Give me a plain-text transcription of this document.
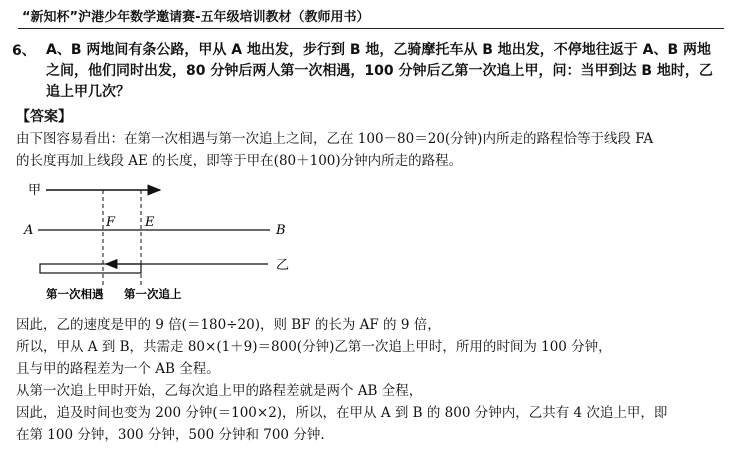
“新知杯”沪港少年数学邀请赛-五年级培训教材（教师用书）
6、 A、B 两地间有条公路，甲从 A 地出发，步行到 B 地，乙骑摩托车从 B 地出发，不停地往返于 A、B 两地之间，他们同时出发，80 分钟后两人第一次相遇，100 分钟后乙第一次追上甲，问：当甲到达 B 地时，乙追上甲几次？
【答案】
由下图容易看出：在第一次相遇与第一次追上之间，乙在 100－80＝20(分钟)内所走的路程恰等于线段 FA
的长度再加上线段 AE 的长度，即等于甲在(80＋100)分钟内所走的路程。
甲
F E
A	B
乙
第一次相遇 第一次追上
因此，乙的速度是甲的 9 倍(＝180÷20)，则 BF 的长为 AF 的 9 倍，
所以，甲从 A 到 B，共需走 80×(1＋9)＝800(分钟)乙第一次追上甲时，所用的时间为 100 分钟，
且与甲的路程差为一个 AB 全程。
从第一次追上甲时开始，乙每次追上甲的路程差就是两个 AB 全程，
因此，追及时间也变为 200 分钟(＝100×2)，所以，在甲从 A 到 B 的 800 分钟内，乙共有 4 次追上甲，即
在第 100 分钟，300 分钟，500 分钟和 700 分钟.
